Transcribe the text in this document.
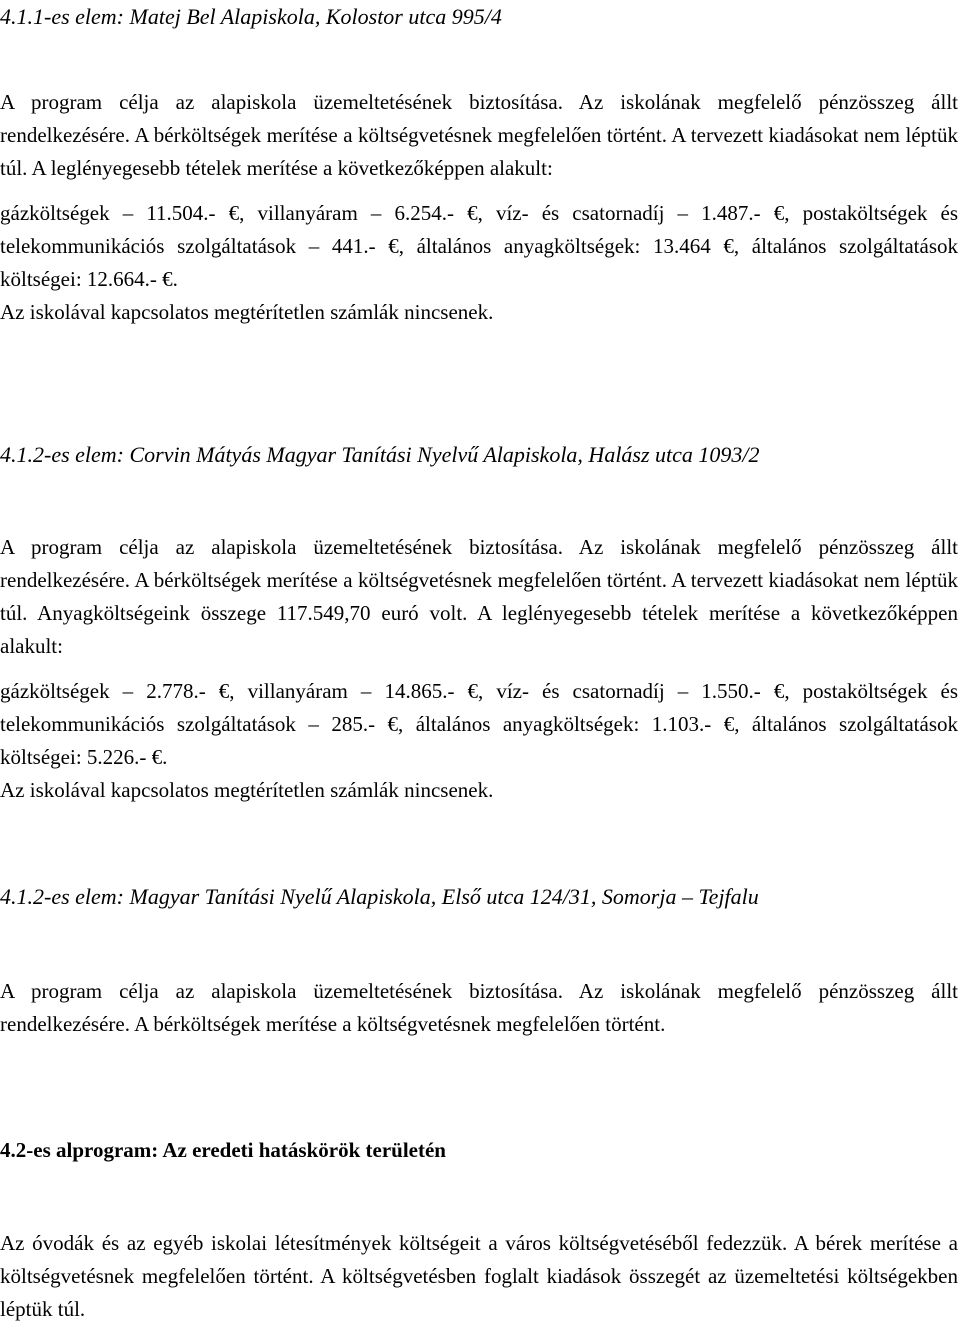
4.1.1-es elem: Matej Bel Alapiskola, Kolostor utca 995/4

A program célja az alapiskola üzemeltetésének biztosítása. Az iskolának megfelelő pénzösszeg állt rendelkezésére. A bérköltségek merítése a költségvetésnek megfelelően történt. A tervezett kiadásokat nem léptük túl. A leglényegesebb tételek merítése a következőképpen alakult:

gázköltségek – 11.504.- €, villanyáram – 6.254.- €, víz- és csatornadíj – 1.487.- €, postaköltségek és telekommunikációs szolgáltatások – 441.- €, általános anyagköltségek: 13.464 €, általános szolgáltatások költségei: 12.664.- €.

Az iskolával kapcsolatos megtérítetlen számlák nincsenek.

4.1.2-es elem: Corvin Mátyás Magyar Tanítási Nyelvű Alapiskola, Halász utca 1093/2

A program célja az alapiskola üzemeltetésének biztosítása. Az iskolának megfelelő pénzösszeg állt rendelkezésére. A bérköltségek merítése a költségvetésnek megfelelően történt. A tervezett kiadásokat nem léptük túl. Anyagköltségeink összege 117.549,70 euró volt. A leglényegesebb tételek merítése a következőképpen alakult:

gázköltségek – 2.778.- €, villanyáram – 14.865.- €, víz- és csatornadíj – 1.550.- €, postaköltségek és telekommunikációs szolgáltatások – 285.- €, általános anyagköltségek: 1.103.- €, általános szolgáltatások költségei: 5.226.- €.

Az iskolával kapcsolatos megtérítetlen számlák nincsenek.

4.1.2-es elem: Magyar Tanítási Nyelű Alapiskola, Első utca 124/31, Somorja – Tejfalu

A program célja az alapiskola üzemeltetésének biztosítása. Az iskolának megfelelő pénzösszeg állt rendelkezésére. A bérköltségek merítése a költségvetésnek megfelelően történt.

4.2-es alprogram: Az eredeti hatáskörök területén

Az óvodák és az egyéb iskolai létesítmények költségeit a város költségvetéséből fedezzük. A bérek merítése a költségvetésnek megfelelően történt. A költségvetésben foglalt kiadások összegét az üzemeltetési költségekben léptük túl.
